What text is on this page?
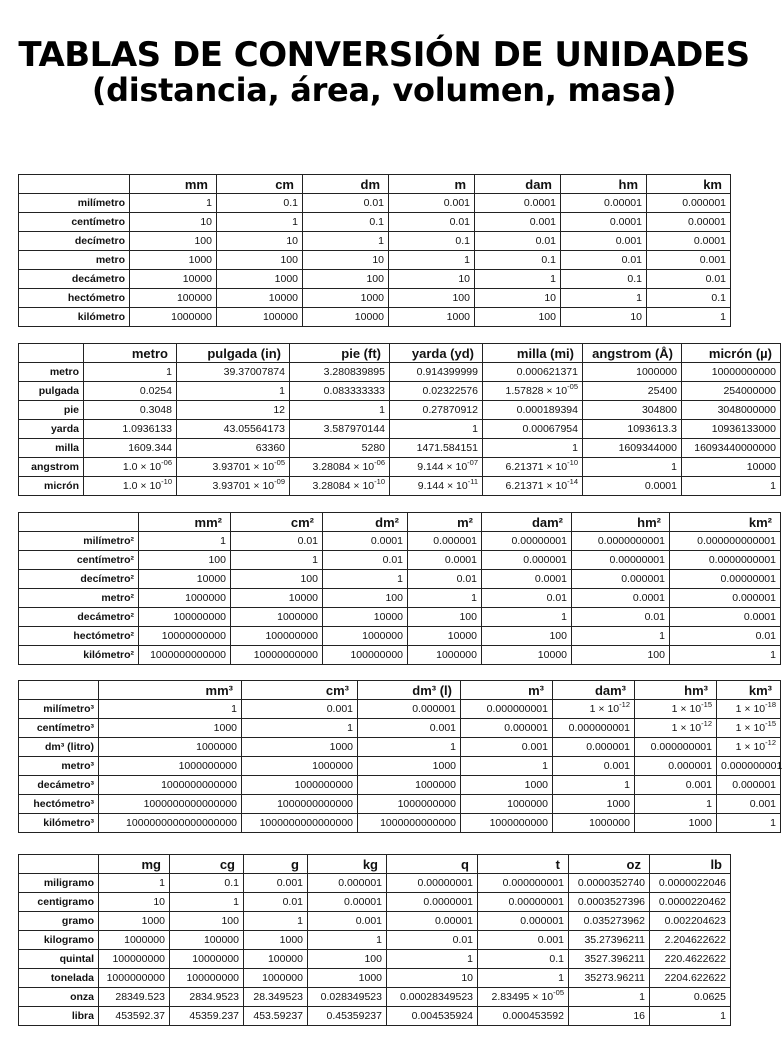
TABLAS DE CONVERSIÓN DE UNIDADES
(distancia, área, volumen, masa)
	mm	cm	dm	m	dam	hm	km
milímetro	1	0.1	0.01	0.001	0.0001	0.00001	0.000001
centímetro	10	1	0.1	0.01	0.001	0.0001	0.00001
decímetro	100	10	1	0.1	0.01	0.001	0.0001
metro	1000	100	10	1	0.1	0.01	0.001
decámetro	10000	1000	100	10	1	0.1	0.01
hectómetro	100000	10000	1000	100	10	1	0.1
kilómetro	1000000	100000	10000	1000	100	10	1
	metro	pulgada (in)	pie (ft)	yarda (yd)	milla (mi)	angstrom (Å)	micrón (µ)
metro	1	39.37007874	3.280839895	0.914399999	0.000621371	1000000	10000000000
pulgada	0.0254	1	0.083333333	0.02322576	$1.57828 \times 10^{-05}$	25400	254000000
pie	0.3048	12	1	0.27870912	0.000189394	304800	3048000000
yarda	1.0936133	43.05564173	3.587970144	1	0.00067954	1093613.3	10936133000
milla	1609.344	63360	5280	1471.584151	1	1609344000	16093440000000
angstrom	$1.0 \times 10^{-06}$	$3.93701 \times 10^{-05}$	$3.28084 \times 10^{-06}$	$9.144 \times 10^{-07}$	$6.21371 \times 10^{-10}$	1	10000
micrón	$1.0 \times 10^{-10}$	$3.93701 \times 10^{-09}$	$3.28084 \times 10^{-10}$	$9.144 \times 10^{-11}$	$6.21371 \times 10^{-14}$	0.0001	1
	mm²	cm²	dm²	m²	dam²	hm²	km²
milímetro²	1	0.01	0.0001	0.000001	0.00000001	0.0000000001	0.000000000001
centímetro²	100	1	0.01	0.0001	0.000001	0.00000001	0.0000000001
decímetro²	10000	100	1	0.01	0.0001	0.000001	0.00000001
metro²	1000000	10000	100	1	0.01	0.0001	0.000001
decámetro²	100000000	1000000	10000	100	1	0.01	0.0001
hectómetro²	10000000000	100000000	1000000	10000	100	1	0.01
kilómetro²	1000000000000	10000000000	100000000	1000000	10000	100	1
	mm³	cm³	dm³ (l)	m³	dam³	hm³	km³
milímetro³	1	0.001	0.000001	0.000000001	$1 \times 10^{-12}$	$1 \times 10^{-15}$	$1 \times 10^{-18}$
centímetro³	1000	1	0.001	0.000001	0.000000001	$1 \times 10^{-12}$	$1 \times 10^{-15}$
dm³ (litro)	1000000	1000	1	0.001	0.000001	0.000000001	$1 \times 10^{-12}$
metro³	1000000000	1000000	1000	1	0.001	0.000001	0.000000001
decámetro³	1000000000000	1000000000	1000000	1000	1	0.001	0.000001
hectómetro³	1000000000000000	1000000000000	1000000000	1000000	1000	1	0.001
kilómetro³	1000000000000000000	1000000000000000	1000000000000	1000000000	1000000	1000	1
	mg	cg	g	kg	q	t	oz	lb
miligramo	1	0.1	0.001	0.000001	0.00000001	0.000000001	0.0000352740	0.0000022046
centigramo	10	1	0.01	0.00001	0.0000001	0.00000001	0.0003527396	0.0000220462
gramo	1000	100	1	0.001	0.00001	0.000001	0.035273962	0.002204623
kilogramo	1000000	100000	1000	1	0.01	0.001	35.27396211	2.204622622
quintal	100000000	10000000	100000	100	1	0.1	3527.396211	220.4622622
tonelada	1000000000	100000000	1000000	1000	10	1	35273.96211	2204.622622
onza	28349.523	2834.9523	28.349523	0.028349523	0.00028349523	$2.83495 \times 10^{-05}$	1	0.0625
libra	453592.37	45359.237	453.59237	0.45359237	0.004535924	0.000453592	16	1
